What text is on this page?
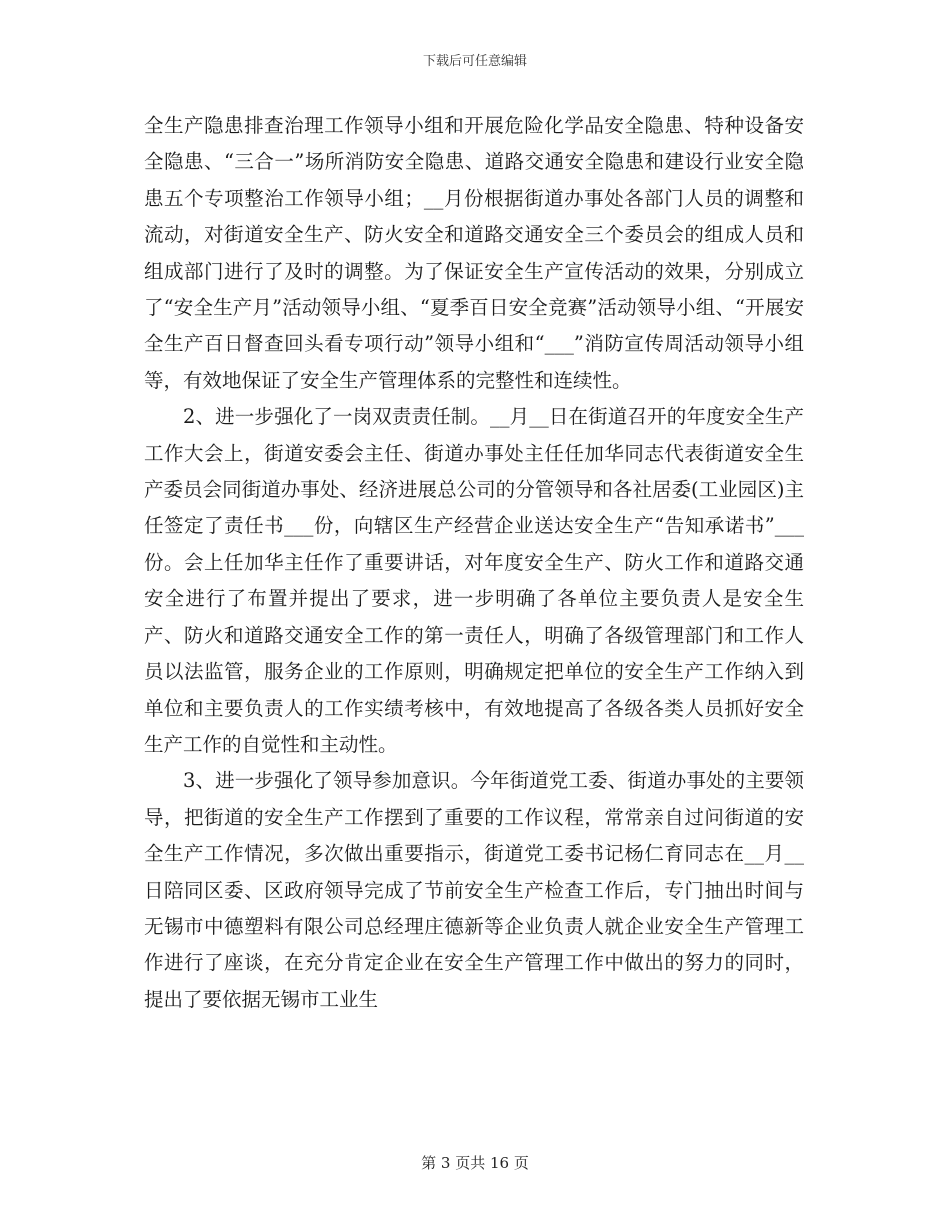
下载后可任意编辑

全生产隐患排查治理工作领导小组和开展危险化学品安全隐患、特种设备安全隐患、“三合一”场所消防安全隐患、道路交通安全隐患和建设行业安全隐患五个专项整治工作领导小组；__月份根据街道办事处各部门人员的调整和流动，对街道安全生产、防火安全和道路交通安全三个委员会的组成人员和组成部门进行了及时的调整。为了保证安全生产宣传活动的效果，分别成立了“安全生产月”活动领导小组、“夏季百日安全竞赛”活动领导小组、“开展安全生产百日督查回头看专项行动”领导小组和“___”消防宣传周活动领导小组等，有效地保证了安全生产管理体系的完整性和连续性。

2、进一步强化了一岗双责责任制。__月__日在街道召开的年度安全生产工作大会上，街道安委会主任、街道办事处主任任加华同志代表街道安全生产委员会同街道办事处、经济进展总公司的分管领导和各社居委(工业园区)主任签定了责任书___份，向辖区生产经营企业送达安全生产“告知承诺书”___份。会上任加华主任作了重要讲话，对年度安全生产、防火工作和道路交通安全进行了布置并提出了要求，进一步明确了各单位主要负责人是安全生产、防火和道路交通安全工作的第一责任人，明确了各级管理部门和工作人员以法监管，服务企业的工作原则，明确规定把单位的安全生产工作纳入到单位和主要负责人的工作实绩考核中，有效地提高了各级各类人员抓好安全生产工作的自觉性和主动性。

3、进一步强化了领导参加意识。今年街道党工委、街道办事处的主要领导，把街道的安全生产工作摆到了重要的工作议程，常常亲自过问街道的安全生产工作情况，多次做出重要指示，街道党工委书记杨仁育同志在__月__日陪同区委、区政府领导完成了节前安全生产检查工作后，专门抽出时间与无锡市中德塑料有限公司总经理庄德新等企业负责人就企业安全生产管理工作进行了座谈，在充分肯定企业在安全生产管理工作中做出的努力的同时，提出了要依据无锡市工业生

第 3 页共 16 页
